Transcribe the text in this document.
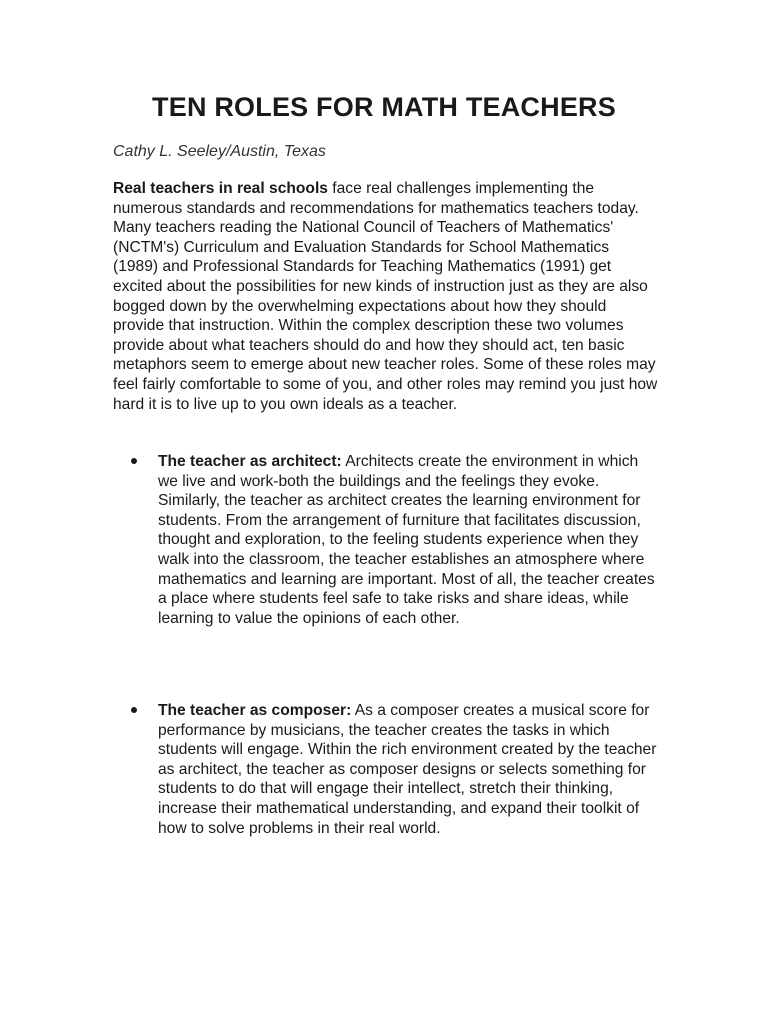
TEN ROLES FOR MATH TEACHERS

Cathy L. Seeley/Austin, Texas

Real teachers in real schools face real challenges implementing the numerous standards and recommendations for mathematics teachers today. Many teachers reading the National Council of Teachers of Mathematics' (NCTM's) Curriculum and Evaluation Standards for School Mathematics (1989) and Professional Standards for Teaching Mathematics (1991) get excited about the possibilities for new kinds of instruction just as they are also bogged down by the overwhelming expectations about how they should provide that instruction. Within the complex description these two volumes provide about what teachers should do and how they should act, ten basic metaphors seem to emerge about new teacher roles. Some of these roles may feel fairly comfortable to some of you, and other roles may remind you just how hard it is to live up to you own ideals as a teacher.

The teacher as architect: Architects create the environment in which we live and work-both the buildings and the feelings they evoke. Similarly, the teacher as architect creates the learning environment for students. From the arrangement of furniture that facilitates discussion, thought and exploration, to the feeling students experience when they walk into the classroom, the teacher establishes an atmosphere where mathematics and learning are important. Most of all, the teacher creates a place where students feel safe to take risks and share ideas, while learning to value the opinions of each other.

The teacher as composer: As a composer creates a musical score for performance by musicians, the teacher creates the tasks in which students will engage. Within the rich environment created by the teacher as architect, the teacher as composer designs or selects something for students to do that will engage their intellect, stretch their thinking, increase their mathematical understanding, and expand their toolkit of how to solve problems in their real world.
